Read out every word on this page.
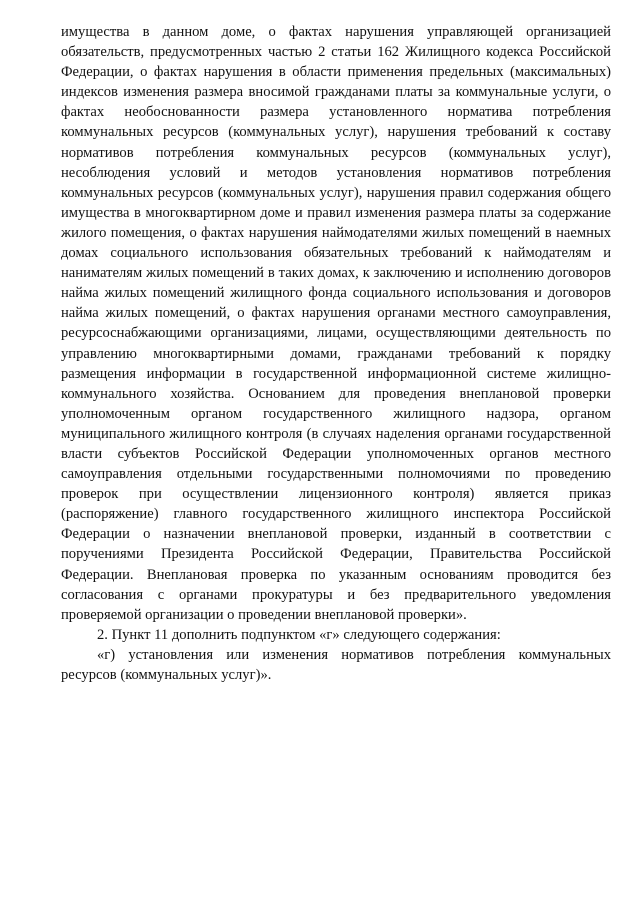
имущества в данном доме, о фактах нарушения управляющей организацией обязательств, предусмотренных частью 2 статьи 162 Жилищного кодекса Российской Федерации, о фактах нарушения в области применения предельных (максимальных) индексов изменения размера вносимой гражданами платы за коммунальные услуги, о фактах необоснованности размера установленного норматива потребления коммунальных ресурсов (коммунальных услуг), нарушения требований к составу нормативов потребления коммунальных ресурсов (коммунальных услуг), несоблюдения условий и методов установления нормативов потребления коммунальных ресурсов (коммунальных услуг), нарушения правил содержания общего имущества в многоквартирном доме и правил изменения размера платы за содержание жилого помещения, о фактах нарушения наймодателями жилых помещений в наемных домах социального использования обязательных требований к наймодателям и нанимателям жилых помещений в таких домах, к заключению и исполнению договоров найма жилых помещений жилищного фонда социального использования и договоров найма жилых помещений, о фактах нарушения органами местного самоуправления, ресурсоснабжающими организациями, лицами, осуществляющими деятельность по управлению многоквартирными домами, гражданами требований к порядку размещения информации в государственной информационной системе жилищно-коммунального хозяйства. Основанием для проведения внеплановой проверки уполномоченным органом государственного жилищного надзора, органом муниципального жилищного контроля (в случаях наделения органами государственной власти субъектов Российской Федерации уполномоченных органов местного самоуправления отдельными государственными полномочиями по проведению проверок при осуществлении лицензионного контроля) является приказ (распоряжение) главного государственного жилищного инспектора Российской Федерации о назначении внеплановой проверки, изданный в соответствии с поручениями Президента Российской Федерации, Правительства Российской Федерации. Внеплановая проверка по указанным основаниям проводится без согласования с органами прокуратуры и без предварительного уведомления проверяемой организации о проведении внеплановой проверки».

2. Пункт 11 дополнить подпунктом «г» следующего содержания:

«г) установления или изменения нормативов потребления коммунальных ресурсов (коммунальных услуг)».
